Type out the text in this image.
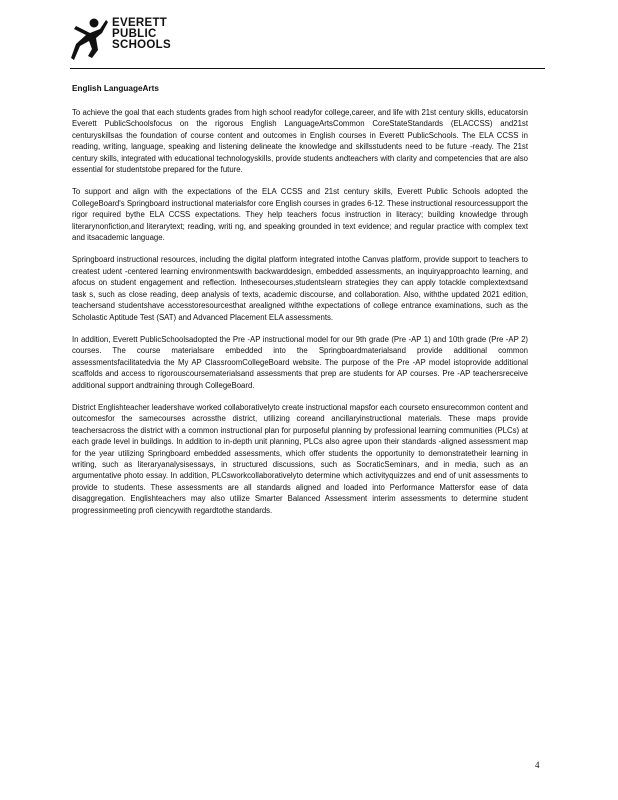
EVERETT
PUBLIC
SCHOOLS
English LanguageArts

To achieve the goal that each students grades from high school readyfor college,career, and life with 21st century skills, educatorsin Everett PublicSchoolsfocus on the rigorous English LanguageArtsCommon CoreStateStandards (ELACCSS) and21st centuryskillsas the foundation of course content and outcomes in English courses in Everett PublicSchools. The ELA CCSS in reading, writing, language, speaking and listening delineate the knowledge and skillsstudents need to be future -ready. The 21st century skills, integrated with educational technologyskills, provide students andteachers with clarity and competencies that are also essential for studentstobe prepared for the future.

To support and align with the expectations of the ELA CCSS and 21st century skills, Everett Public Schools adopted the CollegeBoard's Springboard instructional materialsfor core English courses in grades 6-12. These instructional resourcessupport the rigor required bythe ELA CCSS expectations. They help teachers focus instruction in literacy; building knowledge through literarynonfiction,and literarytext; reading, writi ng, and speaking grounded in text evidence; and regular practice with complex text and itsacademic language.

Springboard instructional resources, including the digital platform integrated intothe Canvas platform, provide support to teachers to createst udent -centered learning environmentswith backwarddesign, embedded assessments, an inquiryapproachto learning, and afocus on student engagement and reflection. Inthesecourses,studentslearn strategies they can apply totackle complextextsand task s, such as close reading, deep analysis of texts, academic discourse, and collaboration. Also, withthe updated 2021 edition, teachersand studentshave accesstoresourcesthat arealigned withthe expectations of college entrance examinations, such as the Scholastic Aptitude Test (SAT) and Advanced Placement ELA assessments.

In addition, Everett PublicSchoolsadopted the Pre -AP instructional model for our 9th grade (Pre -AP 1) and 10th grade (Pre -AP 2) courses. The course materialsare embedded into the Springboardmaterialsand provide additional common assessmentsfacilitatedvia the My AP ClassroomCollegeBoard website. The purpose of the Pre -AP model istoprovide additional scaffolds and access to rigorouscoursematerialsand assessments that prep are students for AP courses. Pre -AP teachersreceive additional support andtraining through CollegeBoard.

District Englishteacher leadershave worked collaborativelyto create instructional mapsfor each courseto ensurecommon content and outcomesfor the samecourses acrossthe district, utilizing coreand ancillaryinstructional materials. These maps provide teachersacross the district with a common instructional plan for purposeful planning by professional learning communities (PLCs) at each grade level in buildings. In addition to in-depth unit planning, PLCs also agree upon their standards -aligned assessment map for the year utilizing Springboard embedded assessments, which offer students the opportunity to demonstratetheir learning in writing, such as literaryanalysisessays, in structured discussions, such as SocraticSeminars, and in media, such as an argumentative photo essay. In addition, PLCsworkcollaborativelyto determine which activityquizzes and end of unit assessments to provide to students. These assessments are all standards aligned and loaded into Performance Mattersfor ease of data disaggregation. Englishteachers may also utilize Smarter Balanced Assessment interim assessments to determine student progressinmeeting profi ciencywith regardtothe standards.

4
